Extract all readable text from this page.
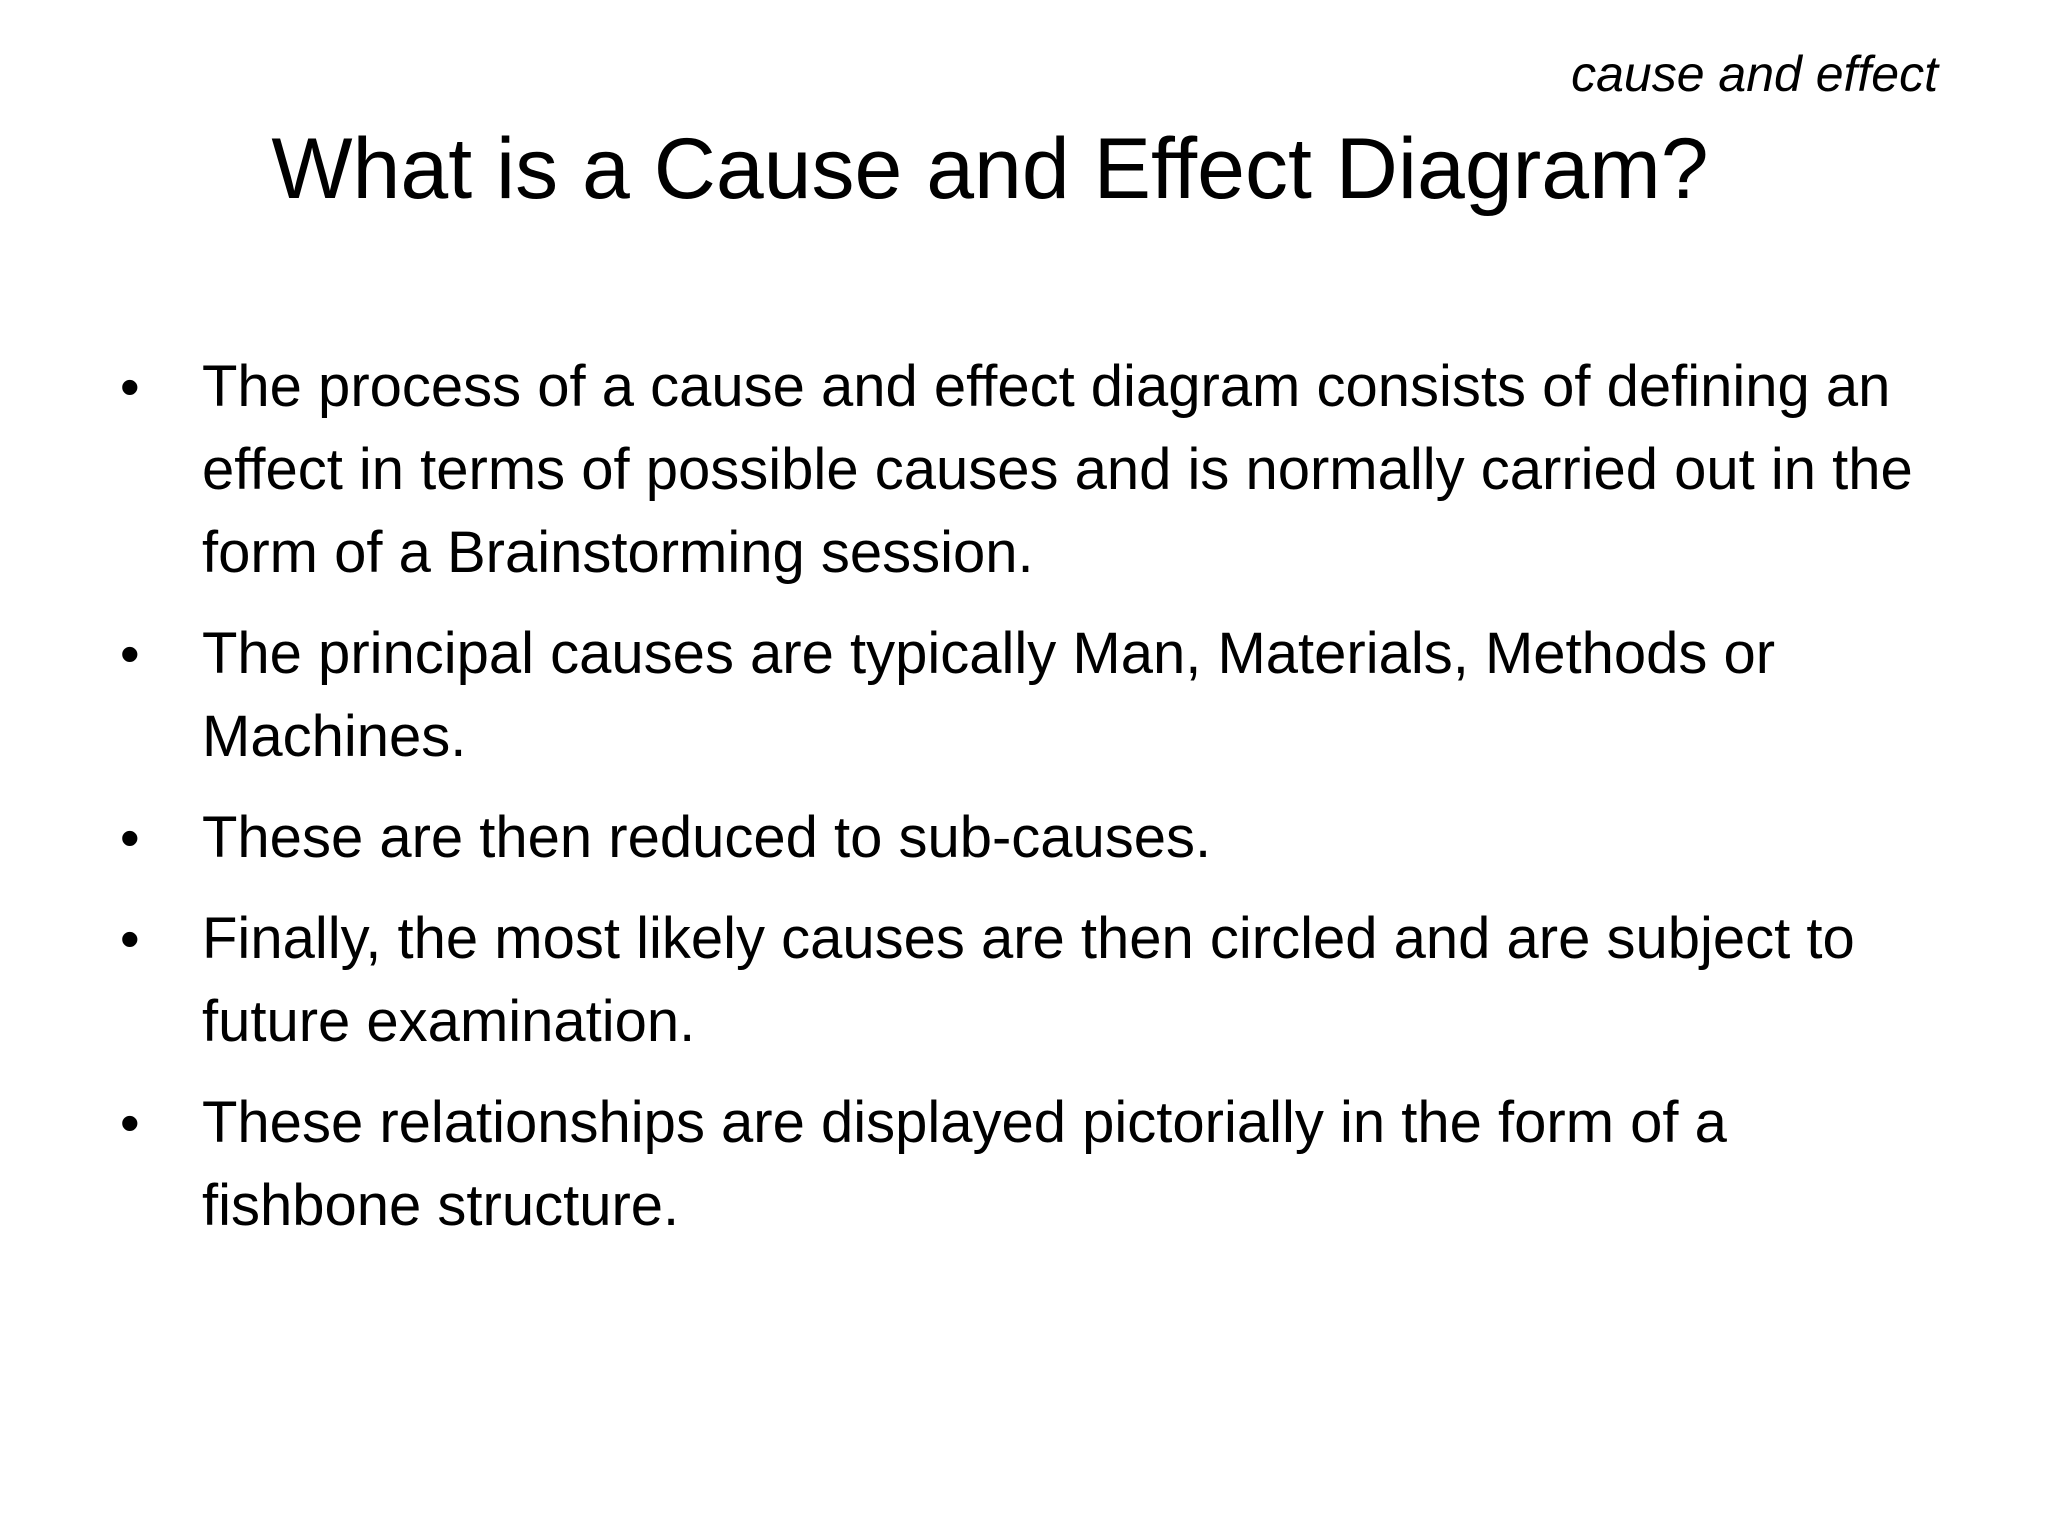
cause and effect
What is a Cause and Effect Diagram?
•	The process of a cause and effect diagram consists of defining an effect in terms of possible causes and is normally carried out in the form of a Brainstorming session.
•	The principal causes are typically Man, Materials, Methods or Machines.
•	These are then reduced to sub-causes.
•	Finally, the most likely causes are then circled and are subject to future examination.
•	These relationships are displayed pictorially in the form of a fishbone structure.
